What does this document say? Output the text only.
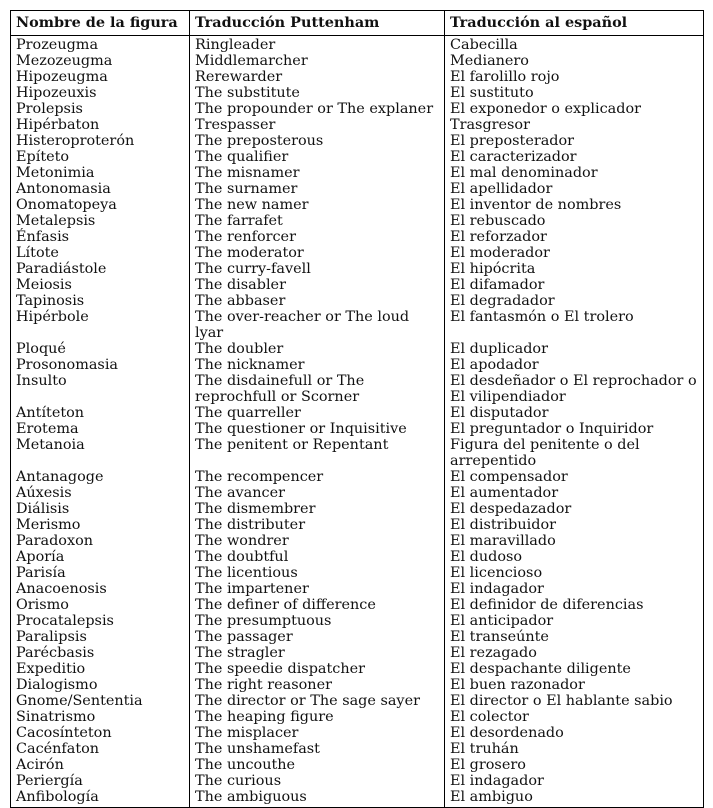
Nombre de la figura	Traducción Puttenham	Traducción al español
Prozeugma	Ringleader	Cabecilla
Mezozeugma	Middlemarcher	Medianero
Hipozeugma	Rerewarder	El farolillo rojo
Hipozeuxis	The substitute	El sustituto
Prolepsis	The propounder or The explaner	El exponedor o explicador
Hipérbaton	Trespasser	Trasgresor
Histeroproterón	The preposterous	El preposterador
Epíteto	The qualifier	El caracterizador
Metonimia	The misnamer	El mal denominador
Antonomasia	The surnamer	El apellidador
Onomatopeya	The new namer	El inventor de nombres
Metalepsis	The farrafet	El rebuscado
Énfasis	The renforcer	El reforzador
Lítote	The moderator	El moderador
Paradiástole	The curry-favell	El hipócrita
Meiosis	The disabler	El difamador
Tapinosis	The abbaser	El degradador
Hipérbole	The over-reacher or The loud lyar	El fantasmón o El trolero
Ploqué	The doubler	El duplicador
Prosonomasia	The nicknamer	El apodador
Insulto	The disdainefull or The reprochfull or Scorner	El desdeñador o El reprochador o El vilipendiador
Antíteton	The quarreller	El disputador
Erotema	The questioner or Inquisitive	El preguntador o Inquiridor
Metanoia	The penitent or Repentant	Figura del penitente o del arrepentido
Antanagoge	The recompencer	El compensador
Aúxesis	The avancer	El aumentador
Diálisis	The dismembrer	El despedazador
Merismo	The distributer	El distribuidor
Paradoxon	The wondrer	El maravillado
Aporía	The doubtful	El dudoso
Parisía	The licentious	El licencioso
Anacoenosis	The impartener	El indagador
Orismo	The definer of difference	El definidor de diferencias
Procatalepsis	The presumptuous	El anticipador
Paralipsis	The passager	El transeúnte
Parécbasis	The stragler	El rezagado
Expeditio	The speedie dispatcher	El despachante diligente
Dialogismo	The right reasoner	El buen razonador
Gnome/Sententia	The director or The sage sayer	El director o El hablante sabio
Sinatrismo	The heaping figure	El colector
Cacosínteton	The misplacer	El desordenado
Cacénfaton	The unshamefast	El truhán
Acirón	The uncouthe	El grosero
Periergía	The curious	El indagador
Anfibología	The ambiguous	El ambiguo
